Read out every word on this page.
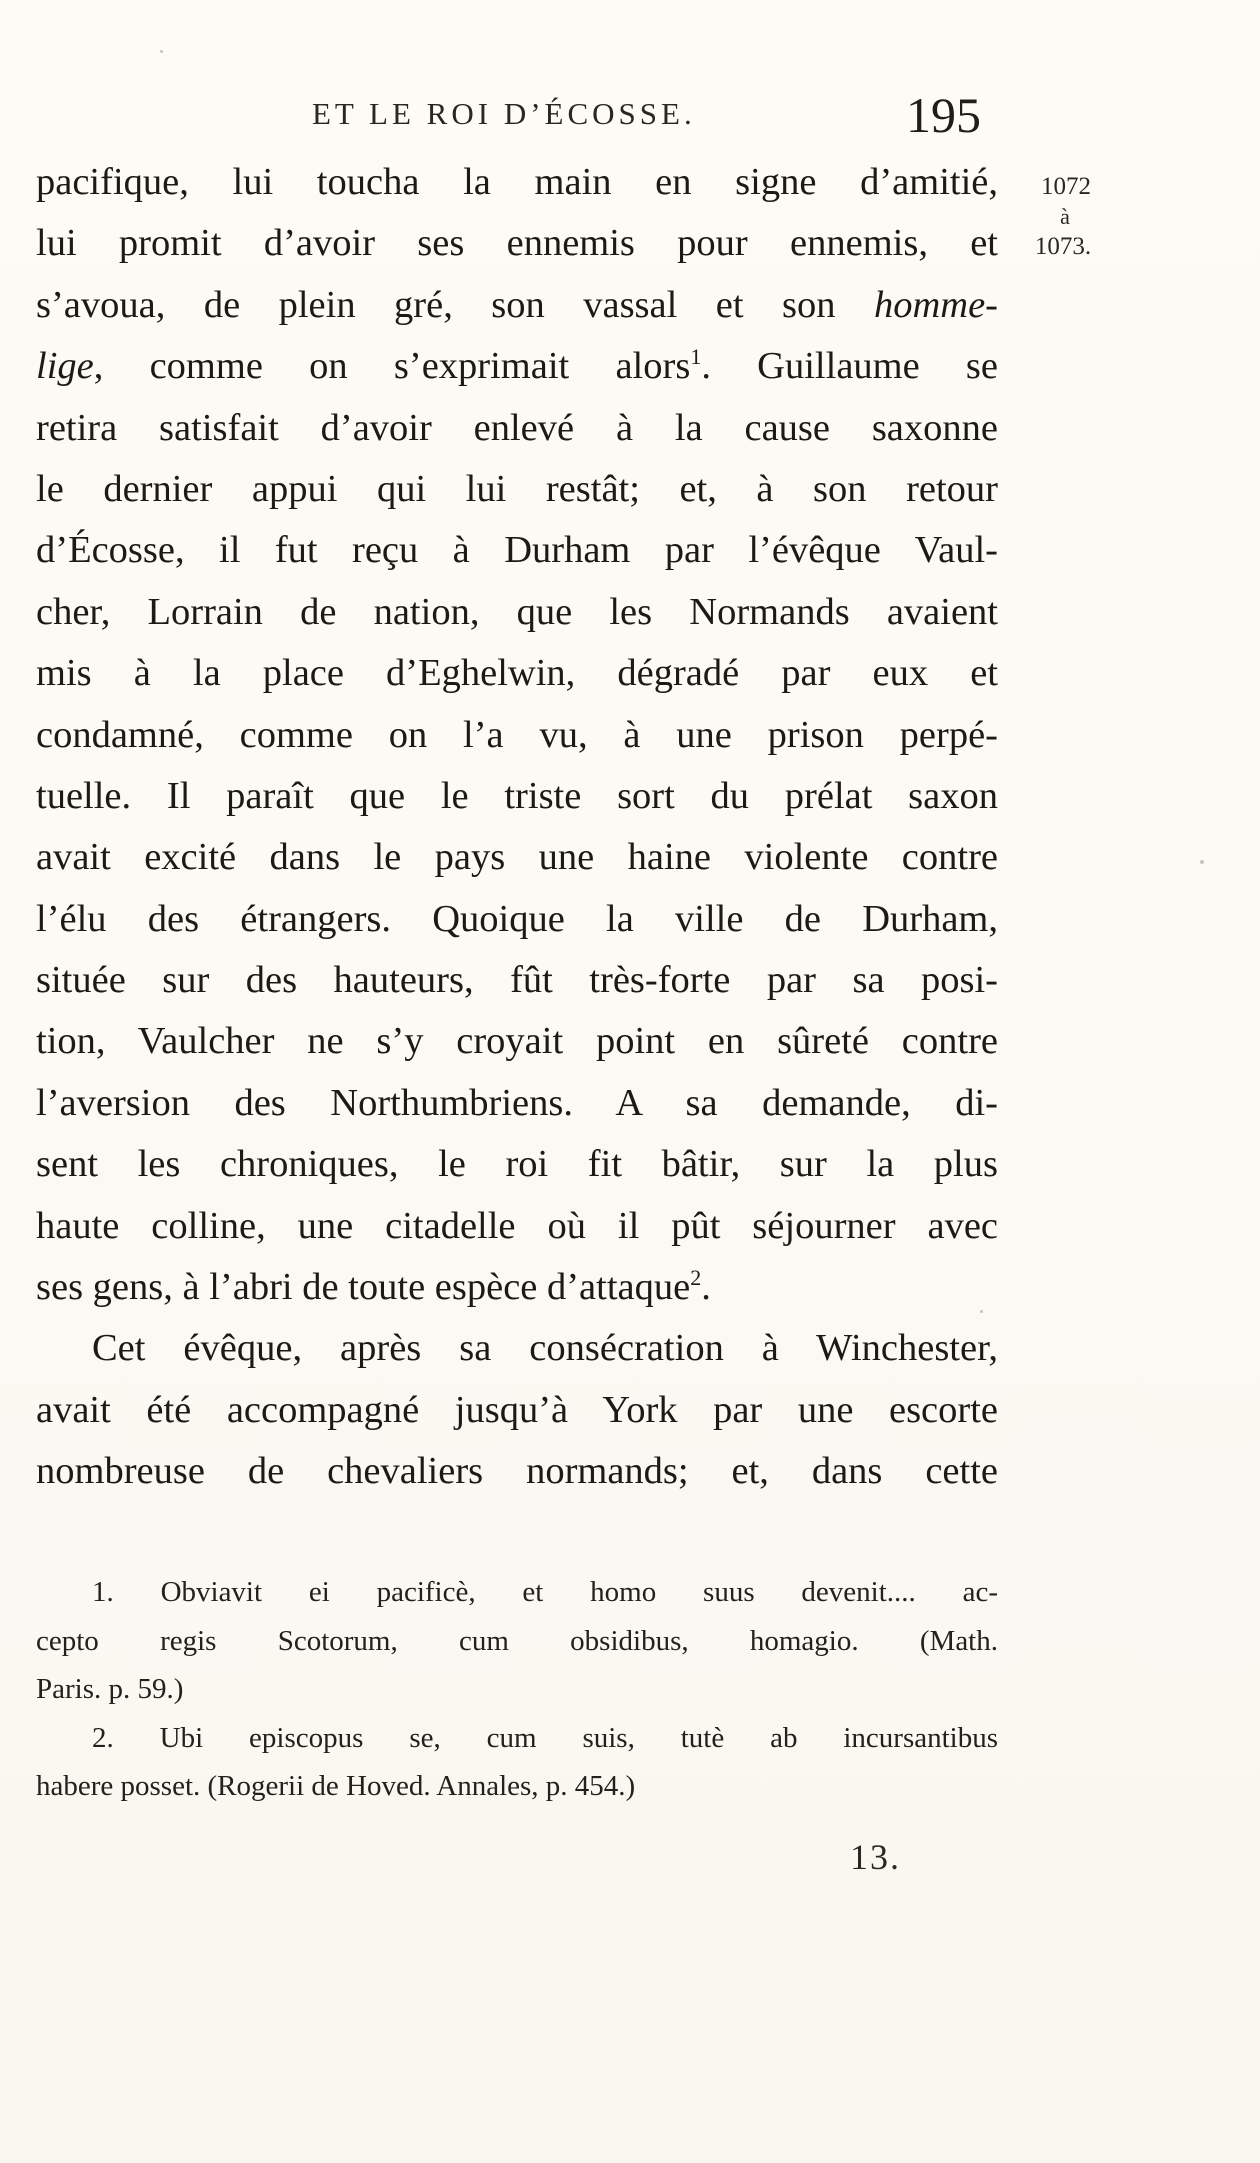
ET LE ROI D’ÉCOSSE.	195
1072
à
1073.
pacifique, lui toucha la main en signe d’amitié,
lui promit d’avoir ses ennemis pour ennemis, et
s’avoua, de plein gré, son vassal et son homme-
lige, comme on s’exprimait alors$^1$. Guillaume se
retira satisfait d’avoir enlevé à la cause saxonne
le dernier appui qui lui restât; et, à son retour
d’Écosse, il fut reçu à Durham par l’évêque Vaul-
cher, Lorrain de nation, que les Normands avaient
mis à la place d’Eghelwin, dégradé par eux et
condamné, comme on l’a vu, à une prison perpé-
tuelle. Il paraît que le triste sort du prélat saxon
avait excité dans le pays une haine violente contre
l’élu des étrangers. Quoique la ville de Durham,
située sur des hauteurs, fût très-forte par sa posi-
tion, Vaulcher ne s’y croyait point en sûreté contre
l’aversion des Northumbriens. A sa demande, di-
sent les chroniques, le roi fit bâtir, sur la plus
haute colline, une citadelle où il pût séjourner avec
ses gens, à l’abri de toute espèce d’attaque$^2$.
Cet évêque, après sa consécration à Winchester,
avait été accompagné jusqu’à York par une escorte
nombreuse de chevaliers normands; et, dans cette
1. Obviavit ei pacificè, et homo suus devenit.... ac-
cepto regis Scotorum, cum obsidibus, homagio. (Math.
Paris. p. 59.)
2. Ubi episcopus se, cum suis, tutè ab incursantibus
habere posset. (Rogerii de Hoved. Annales, p. 454.)
13.
